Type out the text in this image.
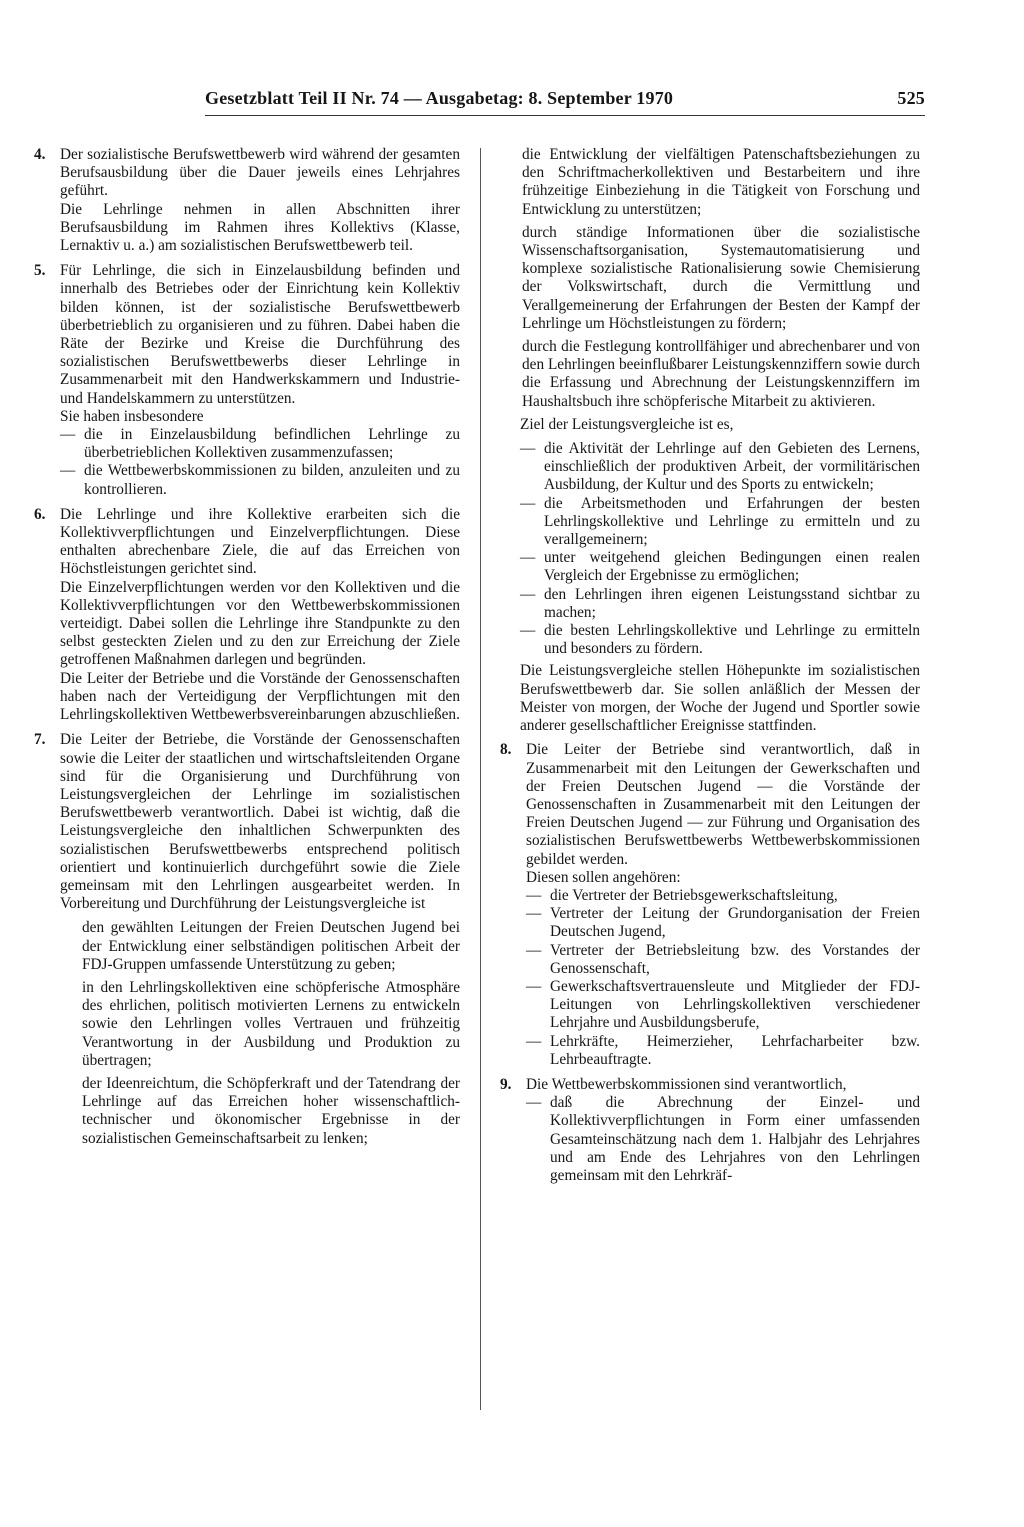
Gesetzblatt Teil II Nr. 74 — Ausgabetag: 8. September 1970	525
4. Der sozialistische Berufswettbewerb wird während der gesamten Berufsausbildung über die Dauer jeweils eines Lehrjahres geführt.

Die Lehrlinge nehmen in allen Abschnitten ihrer Berufsausbildung im Rahmen ihres Kollektivs (Klasse, Lernaktiv u. a.) am sozialistischen Berufswettbewerb teil.

5. Für Lehrlinge, die sich in Einzelausbildung befinden und innerhalb des Betriebes oder der Einrichtung kein Kollektiv bilden können, ist der sozialistische Berufswettbewerb überbetrieblich zu organisieren und zu führen. Dabei haben die Räte der Bezirke und Kreise die Durchführung des sozialistischen Berufswettbewerbs dieser Lehrlinge in Zusammenarbeit mit den Handwerkskammern und Industrie- und Handelskammern zu unterstützen.

Sie haben insbesondere

— die in Einzelausbildung befindlichen Lehrlinge zu überbetrieblichen Kollektiven zusammenzufassen;
— die Wettbewerbskommissionen zu bilden, anzuleiten und zu kontrollieren.
6. Die Lehrlinge und ihre Kollektive erarbeiten sich die Kollektivverpflichtungen und Einzelverpflichtungen. Diese enthalten abrechenbare Ziele, die auf das Erreichen von Höchstleistungen gerichtet sind.

Die Einzelverpflichtungen werden vor den Kollektiven und die Kollektivverpflichtungen vor den Wettbewerbskommissionen verteidigt. Dabei sollen die Lehrlinge ihre Standpunkte zu den selbst gesteckten Zielen und zu den zur Erreichung der Ziele getroffenen Maßnahmen darlegen und begründen.

Die Leiter der Betriebe und die Vorstände der Genossenschaften haben nach der Verteidigung der Verpflichtungen mit den Lehrlingskollektiven Wettbewerbsvereinbarungen abzuschließen.

7. Die Leiter der Betriebe, die Vorstände der Genossenschaften sowie die Leiter der staatlichen und wirtschaftsleitenden Organe sind für die Organisierung und Durchführung von Leistungsvergleichen der Lehrlinge im sozialistischen Berufswettbewerb verantwortlich. Dabei ist wichtig, daß die Leistungsvergleiche den inhaltlichen Schwerpunkten des sozialistischen Berufswettbewerbs entsprechend politisch orientiert und kontinuierlich durchgeführt sowie die Ziele gemeinsam mit den Lehrlingen ausgearbeitet werden. In Vorbereitung und Durchführung der Leistungsvergleiche ist

den gewählten Leitungen der Freien Deutschen Jugend bei der Entwicklung einer selbständigen politischen Arbeit der FDJ-Gruppen umfassende Unterstützung zu geben;

in den Lehrlingskollektiven eine schöpferische Atmosphäre des ehrlichen, politisch motivierten Lernens zu entwickeln sowie den Lehrlingen volles Vertrauen und frühzeitig Verantwortung in der Ausbildung und Produktion zu übertragen;

der Ideenreichtum, die Schöpferkraft und der Tatendrang der Lehrlinge auf das Erreichen hoher wissenschaftlich-technischer und ökonomischer Ergebnisse in der sozialistischen Gemeinschaftsarbeit zu lenken;

die Entwicklung der vielfältigen Patenschaftsbeziehungen zu den Schriftmacherkollektiven und Bestarbeitern und ihre frühzeitige Einbeziehung in die Tätigkeit von Forschung und Entwicklung zu unterstützen;

durch ständige Informationen über die sozialistische Wissenschaftsorganisation, Systemautomatisierung und komplexe sozialistische Rationalisierung sowie Chemisierung der Volkswirtschaft, durch die Vermittlung und Verallgemeinerung der Erfahrungen der Besten der Kampf der Lehrlinge um Höchstleistungen zu fördern;

durch die Festlegung kontrollfähiger und abrechenbarer und von den Lehrlingen beeinflußbarer Leistungskennziffern sowie durch die Erfassung und Abrechnung der Leistungskennziffern im Haushaltsbuch ihre schöpferische Mitarbeit zu aktivieren.

Ziel der Leistungsvergleiche ist es,

— die Aktivität der Lehrlinge auf den Gebieten des Lernens, einschließlich der produktiven Arbeit, der vormilitärischen Ausbildung, der Kultur und des Sports zu entwickeln;
— die Arbeitsmethoden und Erfahrungen der besten Lehrlingskollektive und Lehrlinge zu ermitteln und zu verallgemeinern;
— unter weitgehend gleichen Bedingungen einen realen Vergleich der Ergebnisse zu ermöglichen;
— den Lehrlingen ihren eigenen Leistungsstand sichtbar zu machen;
— die besten Lehrlingskollektive und Lehrlinge zu ermitteln und besonders zu fördern.

Die Leistungsvergleiche stellen Höhepunkte im sozialistischen Berufswettbewerb dar. Sie sollen anläßlich der Messen der Meister von morgen, der Woche der Jugend und Sportler sowie anderer gesellschaftlicher Ereignisse stattfinden.

8. Die Leiter der Betriebe sind verantwortlich, daß in Zusammenarbeit mit den Leitungen der Gewerkschaften und der Freien Deutschen Jugend — die Vorstände der Genossenschaften in Zusammenarbeit mit den Leitungen der Freien Deutschen Jugend — zur Führung und Organisation des sozialistischen Berufswettbewerbs Wettbewerbskommissionen gebildet werden.

Diesen sollen angehören:

— die Vertreter der Betriebsgewerkschaftsleitung,
— Vertreter der Leitung der Grundorganisation der Freien Deutschen Jugend,
— Vertreter der Betriebsleitung bzw. des Vorstandes der Genossenschaft,
— Gewerkschaftsvertrauensleute und Mitglieder der FDJ-Leitungen von Lehrlingskollektiven verschiedener Lehrjahre und Ausbildungsberufe,
— Lehrkräfte, Heimerzieher, Lehrfacharbeiter bzw. Lehrbeauftragte.
9. Die Wettbewerbskommissionen sind verantwortlich,

— daß die Abrechnung der Einzel- und Kollektivverpflichtungen in Form einer umfassenden Gesamteinschätzung nach dem 1. Halbjahr des Lehrjahres und am Ende des Lehrjahres von den Lehrlingen gemeinsam mit den Lehrkräf-
